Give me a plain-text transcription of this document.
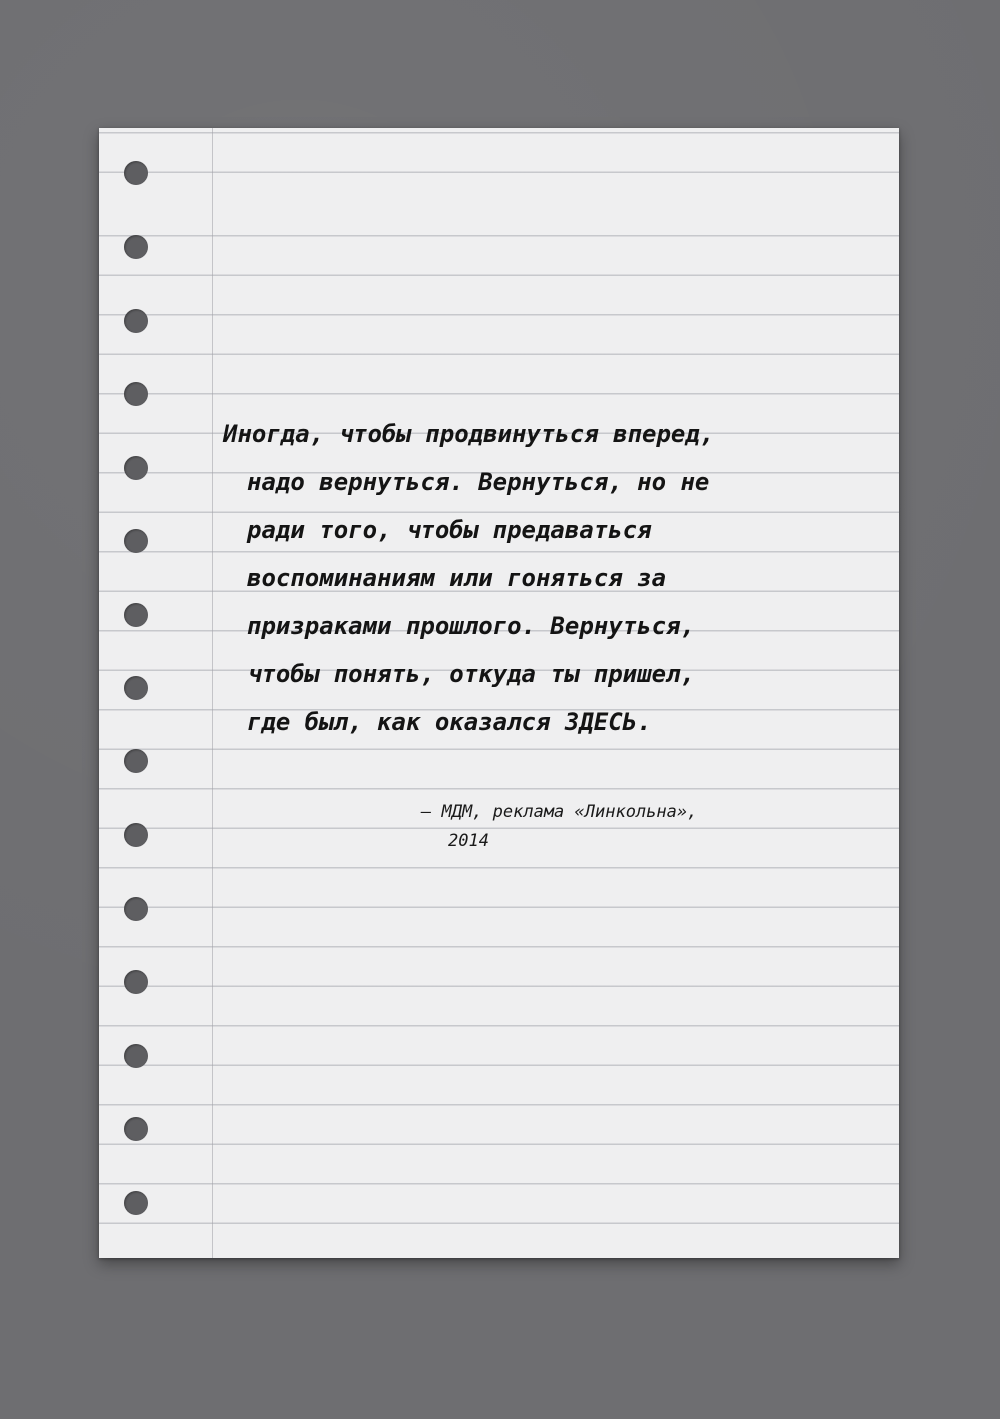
Иногда, чтобы продвинуться вперед,
надо вернуться. Вернуться, но не
ради того, чтобы предаваться
воспоминаниям или гоняться за
призраками прошлого. Вернуться,
чтобы понять, откуда ты пришел,
где был, как оказался ЗДЕСЬ.
— МДМ, реклама «Линкольна»,
2014
